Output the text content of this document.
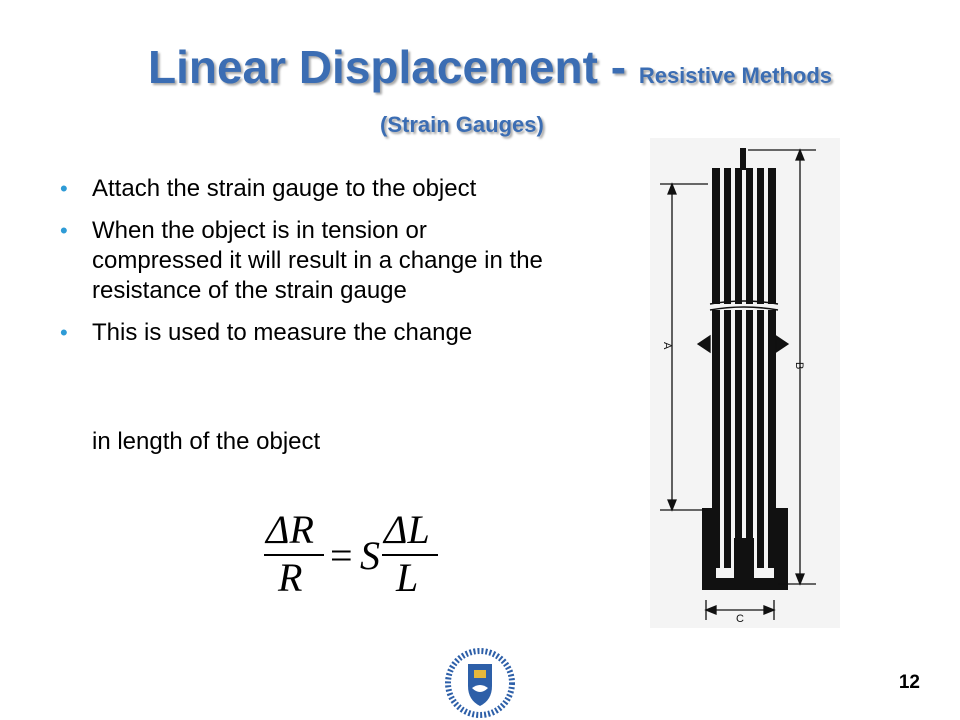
Linear Displacement - Resistive Methods
(Strain Gauges)
• Attach the strain gauge to the object
• When the object is in tension or compressed it will result in a change in the resistance of the strain gauge
• This is used to measure the change
in length of the object
ΔR
R = S
ΔL
L
A
B
C
12
